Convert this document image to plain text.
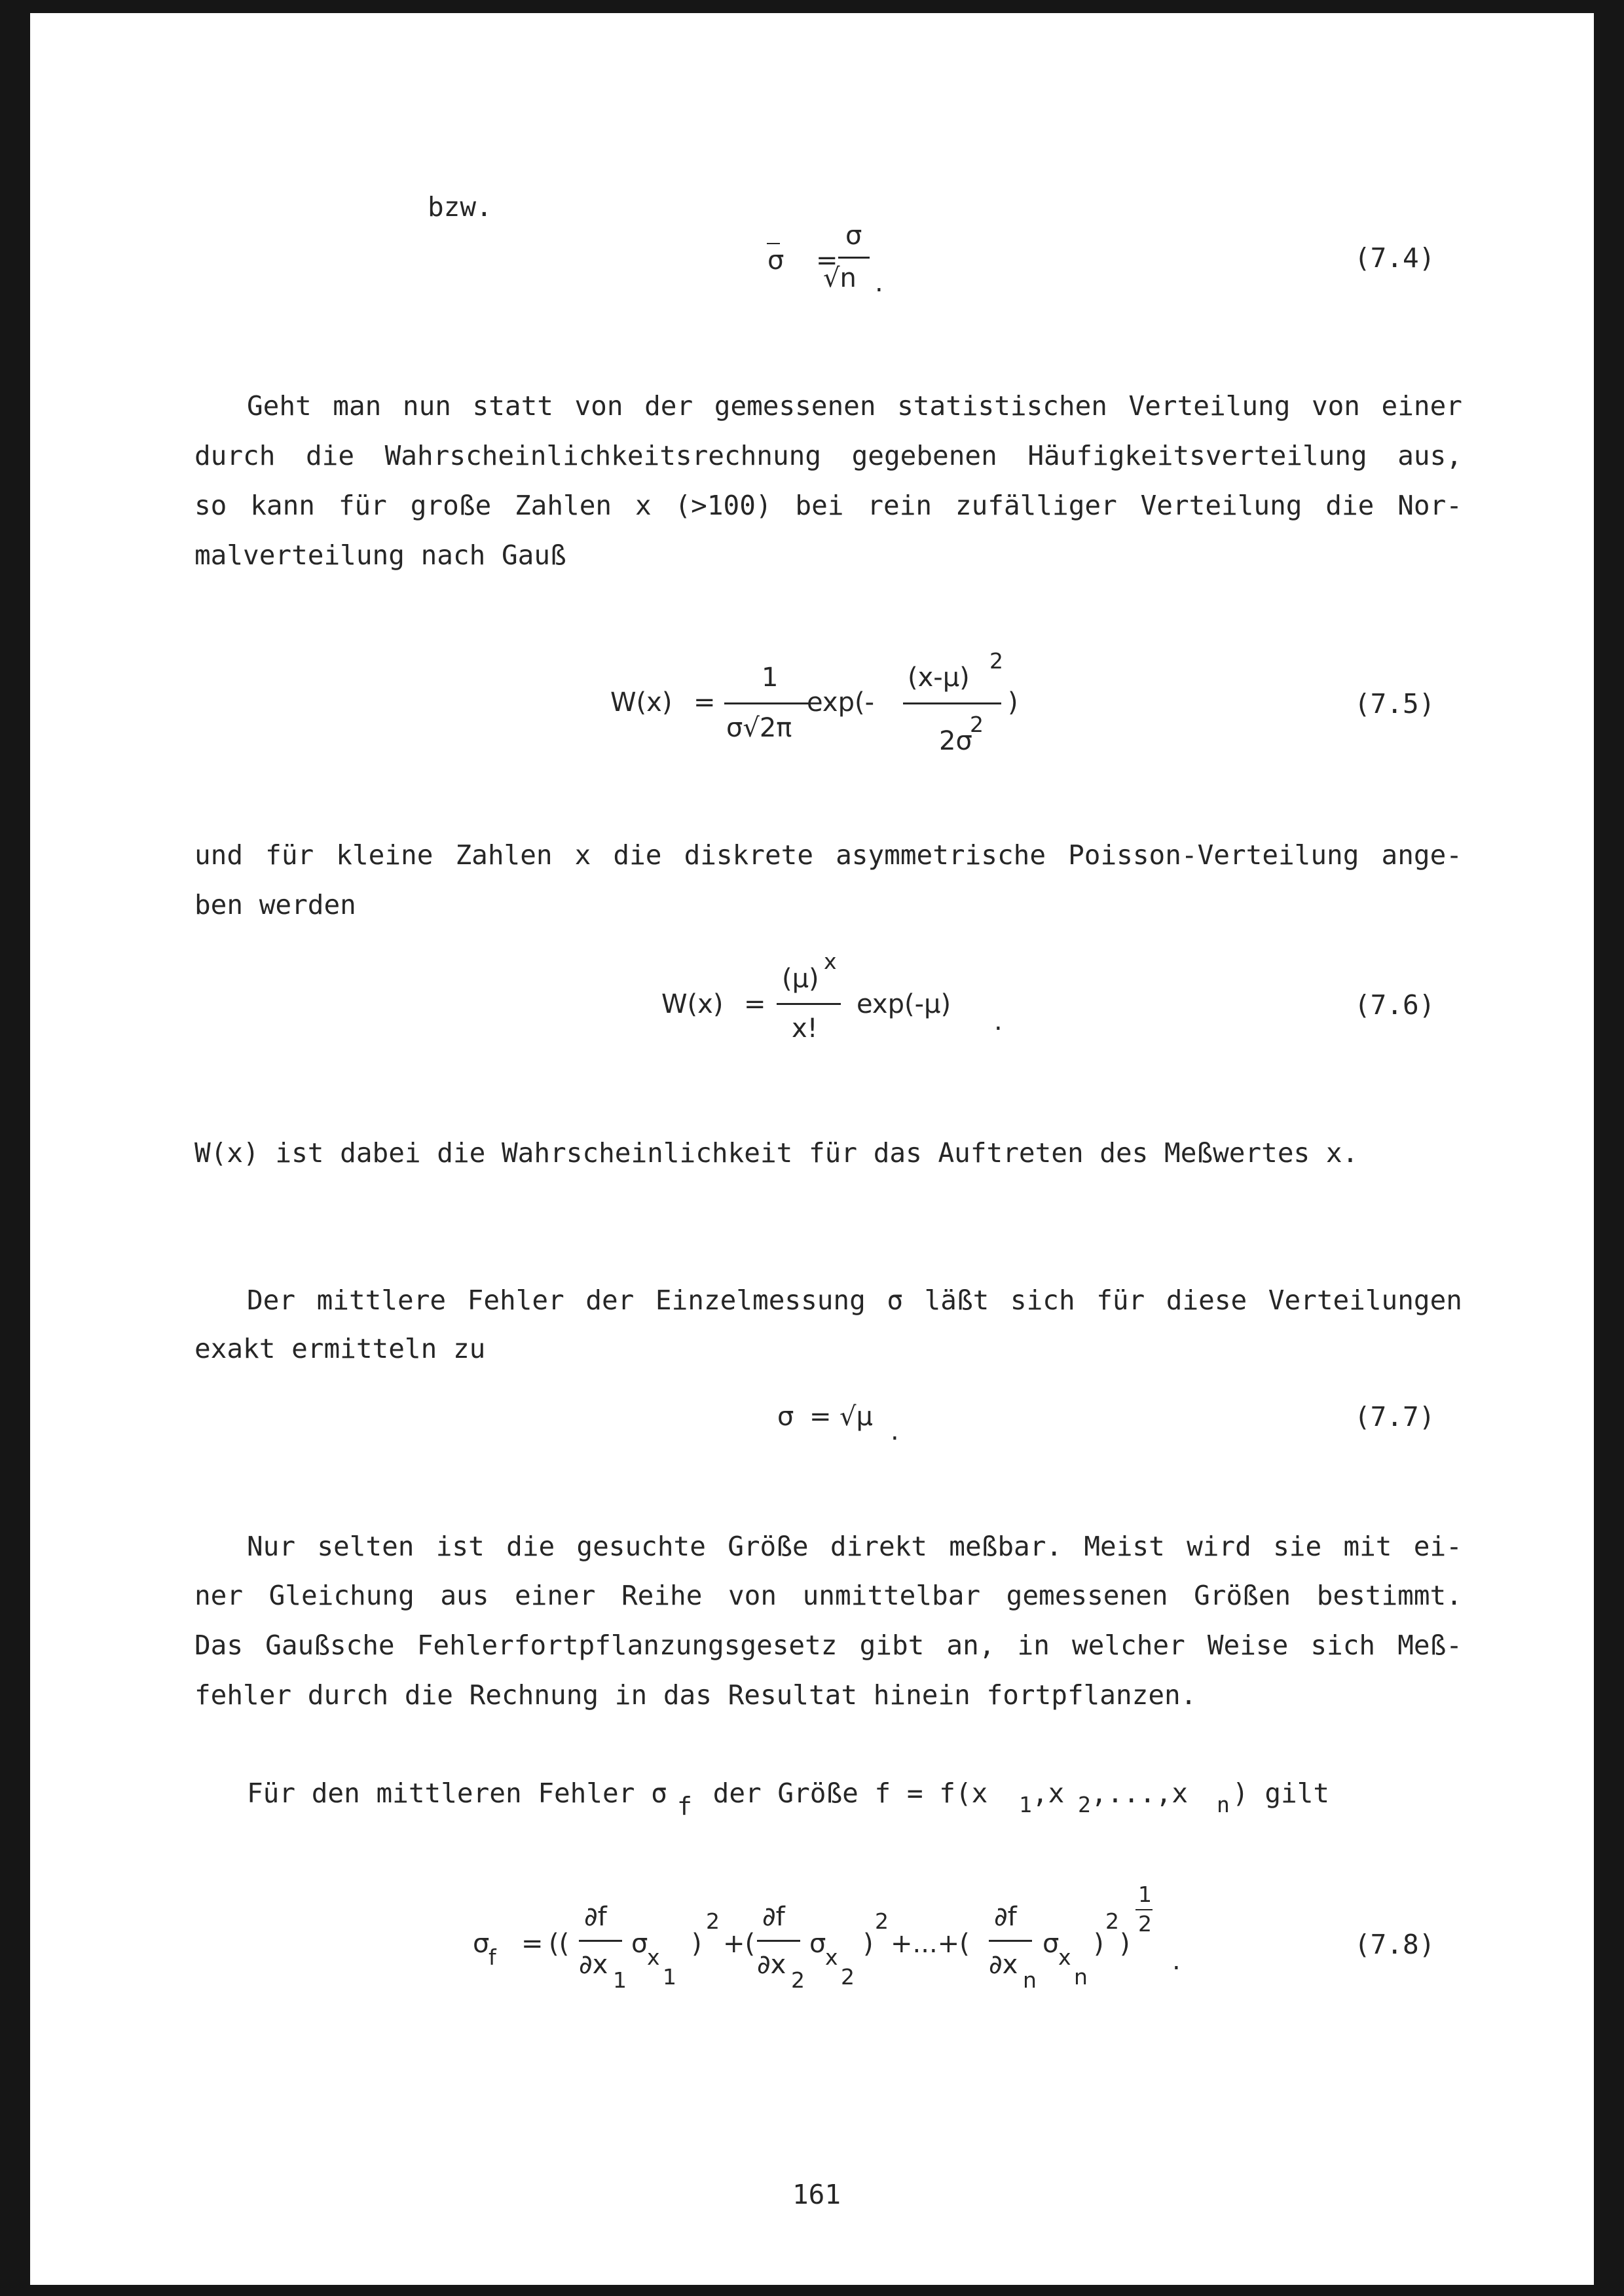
bzw.
σ =
σ
√n .
(7.4)
Geht man nun statt von der gemessenen statistischen Verteilung von einer
durch die Wahrscheinlichkeitsrechnung gegebenen Häufigkeitsverteilung aus,
so kann für große Zahlen x (>100) bei rein zufälliger Verteilung die Nor-
malverteilung nach Gauß
W(x) =
1
σ√2π
exp(-
(x-μ)
2
2σ
2
)	(7.5)
und für kleine Zahlen x die diskrete asymmetrische Poisson-Verteilung ange-
ben werden
W(x) =
(μ)
x
x!
exp(-μ)
.
(7.6)
W(x) ist dabei die Wahrscheinlichkeit für das Auftreten des Meßwertes x.
Der mittlere Fehler der Einzelmessung σ läßt sich für diese Verteilungen
exakt ermitteln zu
σ = √μ .	(7.7)
Nur selten ist die gesuchte Größe direkt meßbar. Meist wird sie mit ei-
ner Gleichung aus einer Reihe von unmittelbar gemessenen Größen bestimmt.
Das Gaußsche Fehlerfortpflanzungsgesetz gibt an, in welcher Weise sich Meß-
fehler durch die Rechnung in das Resultat hinein fortpflanzen.
Für den mittleren Fehler σ f der Größe f = f(x 1 ,x 2 ,...,x n ) gilt
σ
f = ((
∂f
∂x
1
σ
x
1
)
2
+(
∂f
∂x
2
σ
x
2
)
2
+...+(
∂f
∂x
n
σ
x
n
)
2
)
1
2
.
(7.8)
161
